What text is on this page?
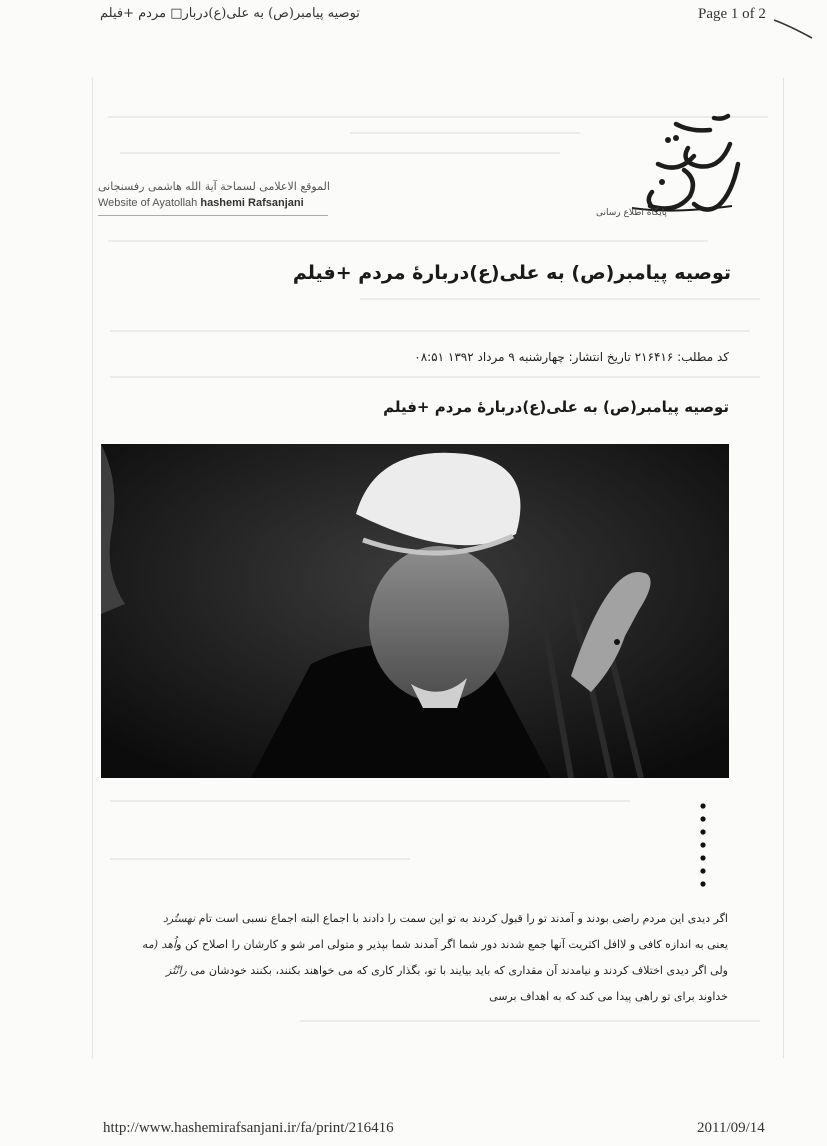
توصیه پیامبر(ص) به علی(ع)دربار□ مردم +فیلم	Page 1 of 2
پایگاه اطلاع رسانی
الموقع الاعلامی لسماحة آية الله هاشمی رفسنجانی
Website of Ayatollah hashemi Rafsanjani
توصیه پیامبر(ص) به علی(ع)دربارۀ مردم +فیلم
کد مطلب: ۲۱۶۴۱۶ تاریخ انتشار: چهارشنبه ۹ مرداد ۱۳۹۲ ۰۸:۵۱
توصیه پیامبر(ص) به علی(ع)دربارۀ مردم +فیلم

اگر دیدی این مردم راضی بودند و آمدند تو را قبول کردند به تو این سمت را دادند با اجماع البته اجماع نسبی است تام نهستُرد

یعنی به اندازه کافی و لاافل اکثریت آنها جمع شدند دور شما اگر آمدند شما بپذیر و متولی امر شو و کارشان را اصلاح کن واُهد (مه

ولی اگر دیدی اختلاف کردند و نیامدند آن مقداری که باید بیایند با تو، بگذار کاری که می خواهند بکنند، بکنند خودشان می رانْتُز

خداوند برای تو راهی پیدا می کند که به اهداف برسی

http://www.hashemirafsanjani.ir/fa/print/216416	2011/09/14
